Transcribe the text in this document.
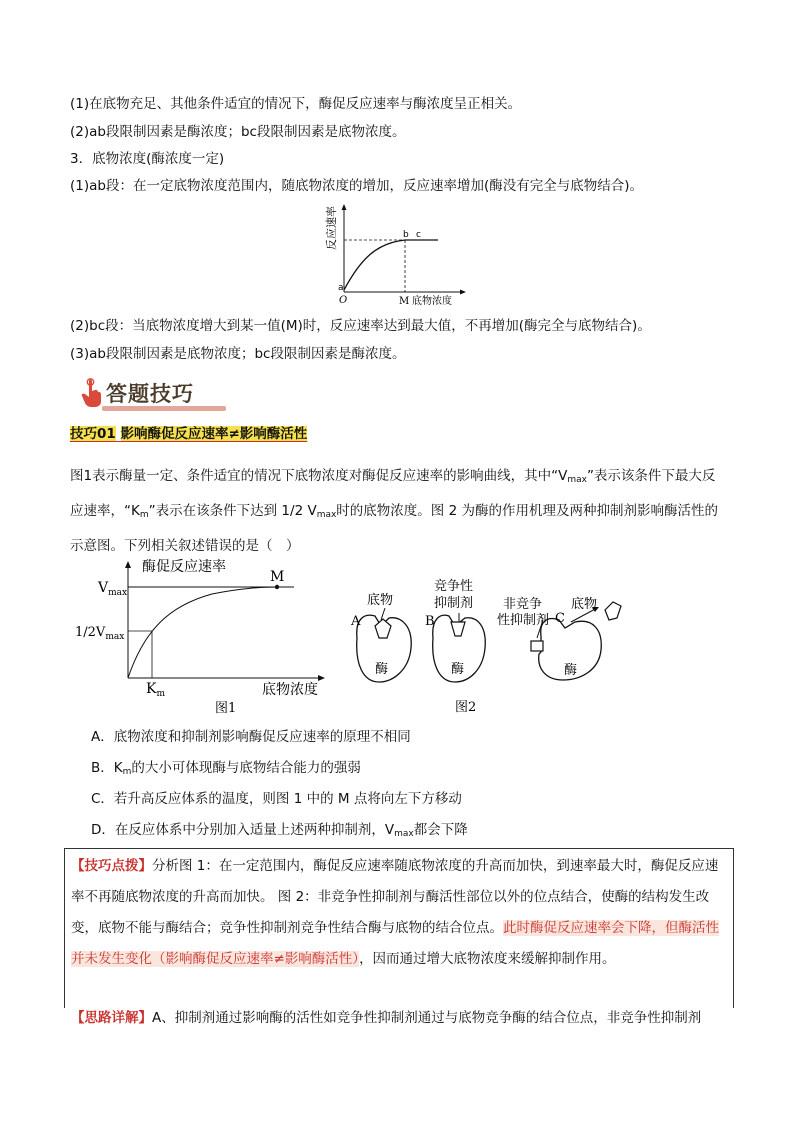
(1)在底物充足、其他条件适宜的情况下，酶促反应速率与酶浓度呈正相关。
(2)ab段限制因素是酶浓度；bc段限制因素是底物浓度。
3．底物浓度(酶浓度一定)
(1)ab段：在一定底物浓度范围内，随底物浓度的增加，反应速率增加(酶没有完全与底物结合)。
反应速率
a
O
b c
M 底物浓度
(2)bc段：当底物浓度增大到某一值(M)时，反应速率达到最大值，不再增加(酶完全与底物结合)。
(3)ab段限制因素是底物浓度；bc段限制因素是酶浓度。
答题技巧
技巧01 影响酶促反应速率≠影响酶活性
图1表示酶量一定、条件适宜的情况下底物浓度对酶促反应速率的影响曲线，其中“$V_{max}$”表示该条件下最大反应速率，“$K_m$”表示在该条件下达到 1/2 $V_{max}$时的底物浓度。图 2 为酶的作用机理及两种抑制剂影响酶活性的示意图。下列相关叙述错误的是（　）
酶促反应速率
$V_{max}$
$1/2V_{max}$
M
$K_m$	底物浓度
图1
底物
A
酶
竞争性
抑制剂
B
酶
非竞争
性抑制剂
底物
C
酶
图2
A．底物浓度和抑制剂影响酶促反应速率的原理不相同
B．$K_m$的大小可体现酶与底物结合能力的强弱
C．若升高反应体系的温度，则图 1 中的 M 点将向左下方移动
D．在反应体系中分别加入适量上述两种抑制剂，$V_{max}$都会下降
【技巧点拨】分析图 1：在一定范围内，酶促反应速率随底物浓度的升高而加快，到速率最大时，酶促反应速率不再随底物浓度的升高而加快。 图 2：非竞争性抑制剂与酶活性部位以外的位点结合，使酶的结构发生改变，底物不能与酶结合；竞争性抑制剂竞争性结合酶与底物的结合位点。此时酶促反应速率会下降，但酶活性并未发生变化（影响酶促反应速率≠影响酶活性），因而通过增大底物浓度来缓解抑制作用。
【思路详解】A、抑制剂通过影响酶的活性如竞争性抑制剂通过与底物竞争酶的结合位点，非竞争性抑制剂
